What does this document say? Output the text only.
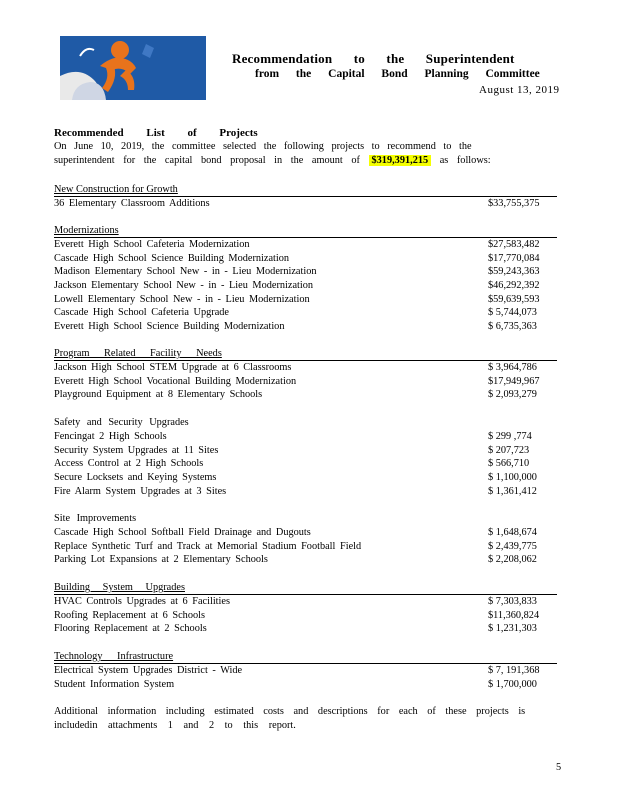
Recommendation to the Superintendent
from the Capital Bond Planning Committee
August 13, 2019
Recommended List of Projects
On June 10, 2019, the committee selected the following projects to recommend to the
superintendent for the capital bond proposal in the amount of $319,391,215 as follows:
New Construction for Growth
36 Elementary Classroom Additions	$33,755,375
Modernizations
Everett High School Cafeteria Modernization	$27,583,482
Cascade High School Science Building Modernization	$17,770,084
Madison Elementary School New - in - Lieu Modernization	$59,243,363
Jackson Elementary School New - in - Lieu Modernization	$46,292,392
Lowell Elementary School New - in - Lieu Modernization	$59,639,593
Cascade High School Cafeteria Upgrade	$ 5,744,073
Everett High School Science Building Modernization	$ 6,735,363
Program Related Facility Needs
Jackson High School STEM Upgrade at 6 Classrooms	$ 3,964,786
Everett High School Vocational Building Modernization	$17,949,967
Playground Equipment at 8 Elementary Schools	$ 2,093,279
Safety and Security Upgrades
Fencingat 2 High Schools	$ 299 ,774
Security System Upgrades at 11 Sites	$ 207,723
Access Control at 2 High Schools	$ 566,710
Secure Locksets and Keying Systems	$ 1,100,000
Fire Alarm System Upgrades at 3 Sites	$ 1,361,412
Site Improvements
Cascade High School Softball Field Drainage and Dugouts	$ 1,648,674
Replace Synthetic Turf and Track at Memorial Stadium Football Field	$ 2,439,775
Parking Lot Expansions at 2 Elementary Schools	$ 2,208,062
Building System Upgrades
HVAC Controls Upgrades at 6 Facilities	$ 7,303,833
Roofing Replacement at 6 Schools	$11,360,824
Flooring Replacement at 2 Schools	$ 1,231,303
Technology Infrastructure
Electrical System Upgrades District - Wide	$ 7, 191,368
Student Information System	$ 1,700,000
Additional information including estimated costs and descriptions for each of these projects is
includedin attachments 1 and 2 to this report.
5
